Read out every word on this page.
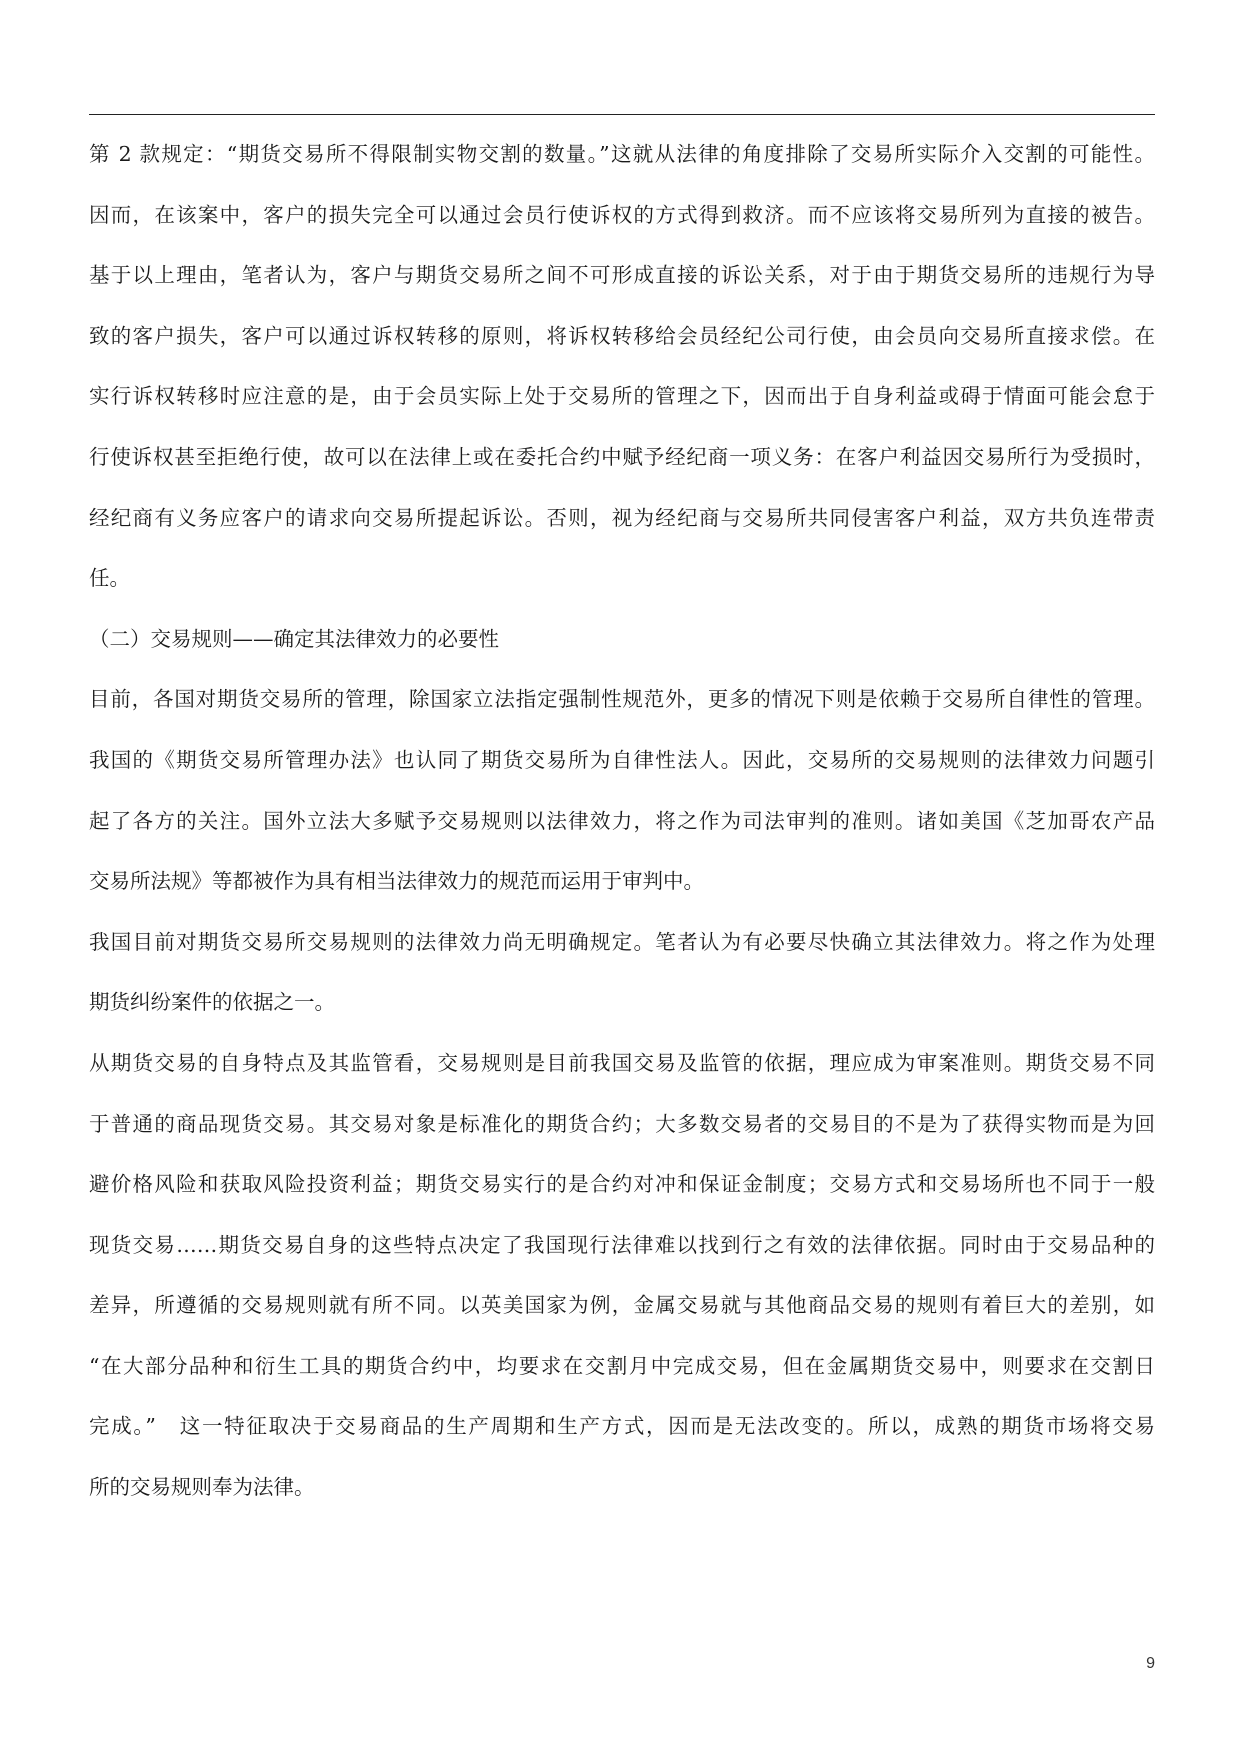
第 2 款规定：“期货交易所不得限制实物交割的数量。”这就从法律的角度排除了交易所实际介入交割的可能性。
因而，在该案中，客户的损失完全可以通过会员行使诉权的方式得到救济。而不应该将交易所列为直接的被告。
基于以上理由，笔者认为，客户与期货交易所之间不可形成直接的诉讼关系，对于由于期货交易所的违规行为导
致的客户损失，客户可以通过诉权转移的原则，将诉权转移给会员经纪公司行使，由会员向交易所直接求偿。在
实行诉权转移时应注意的是，由于会员实际上处于交易所的管理之下，因而出于自身利益或碍于情面可能会怠于
行使诉权甚至拒绝行使，故可以在法律上或在委托合约中赋予经纪商一项义务：在客户利益因交易所行为受损时，
经纪商有义务应客户的请求向交易所提起诉讼。否则，视为经纪商与交易所共同侵害客户利益，双方共负连带责
任。
（二）交易规则——确定其法律效力的必要性
目前，各国对期货交易所的管理，除国家立法指定强制性规范外，更多的情况下则是依赖于交易所自律性的管理。
我国的《期货交易所管理办法》也认同了期货交易所为自律性法人。因此，交易所的交易规则的法律效力问题引
起了各方的关注。国外立法大多赋予交易规则以法律效力，将之作为司法审判的准则。诸如美国《芝加哥农产品
交易所法规》等都被作为具有相当法律效力的规范而运用于审判中。
我国目前对期货交易所交易规则的法律效力尚无明确规定。笔者认为有必要尽快确立其法律效力。将之作为处理
期货纠纷案件的依据之一。
从期货交易的自身特点及其监管看，交易规则是目前我国交易及监管的依据，理应成为审案准则。期货交易不同
于普通的商品现货交易。其交易对象是标准化的期货合约；大多数交易者的交易目的不是为了获得实物而是为回
避价格风险和获取风险投资利益；期货交易实行的是合约对冲和保证金制度；交易方式和交易场所也不同于一般
现货交易……期货交易自身的这些特点决定了我国现行法律难以找到行之有效的法律依据。同时由于交易品种的
差异，所遵循的交易规则就有所不同。以英美国家为例，金属交易就与其他商品交易的规则有着巨大的差别，如
“在大部分品种和衍生工具的期货合约中，均要求在交割月中完成交易，但在金属期货交易中，则要求在交割日
完成。”　这一特征取决于交易商品的生产周期和生产方式，因而是无法改变的。所以，成熟的期货市场将交易
所的交易规则奉为法律。
9
